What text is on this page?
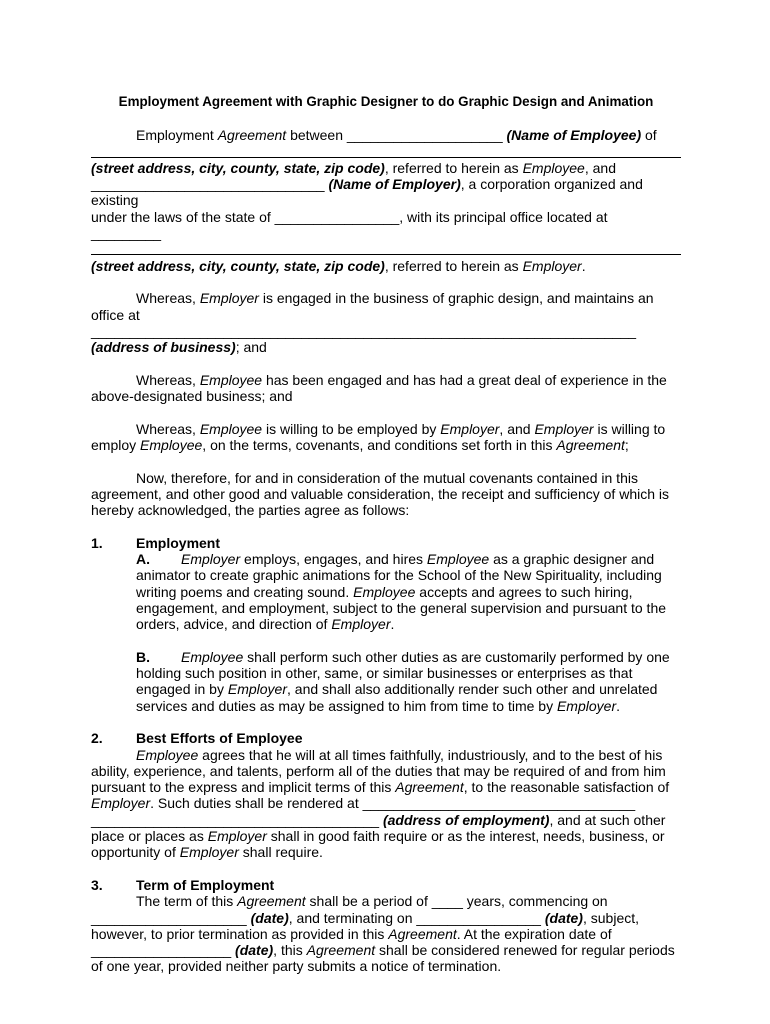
Employment Agreement with Graphic Designer to do Graphic Design and Animation

Employment Agreement between ____________________ (Name of Employee) of

(street address, city, county, state, zip code), referred to herein as Employee, and

______________________________ (Name of Employer), a corporation organized and existing

under the laws of the state of ________________, with its principal office located at _________

(street address, city, county, state, zip code), referred to herein as Employer.

Whereas, Employer is engaged in the business of graphic design, and maintains an

office at ______________________________________________________________________

(address of business); and

Whereas, Employee has been engaged and has had a great deal of experience in the above-designated business; and

Whereas, Employee is willing to be employed by Employer, and Employer is willing to

employ Employee, on the terms, covenants, and conditions set forth in this Agreement;

Now, therefore, for and in consideration of the mutual covenants contained in this agreement, and other good and valuable consideration, the receipt and sufficiency of which is hereby acknowledged, the parties agree as follows:

1. Employment

A. Employer employs, engages, and hires Employee as a graphic designer and animator to create graphic animations for the School of the New Spirituality, including writing poems and creating sound. Employee accepts and agrees to such hiring, engagement, and employment, subject to the general supervision and pursuant to the orders, advice, and direction of Employer.

B. Employee shall perform such other duties as are customarily performed by one holding such position in other, same, or similar businesses or enterprises as that engaged in by Employer, and shall also additionally render such other and unrelated services and duties as may be assigned to him from time to time by Employer.

2. Best Efforts of Employee

Employee agrees that he will at all times faithfully, industriously, and to the best of his ability, experience, and talents, perform all of the duties that may be required of and from him pursuant to the express and implicit terms of this Agreement, to the reasonable satisfaction of Employer. Such duties shall be rendered at ___________________________________ _____________________________________ (address of employment), and at such other place or places as Employer shall in good faith require or as the interest, needs, business, or opportunity of Employer shall require.

3. Term of Employment

The term of this Agreement shall be a period of ____ years, commencing on

____________________ (date), and terminating on ________________ (date), subject,

however, to prior termination as provided in this Agreement. At the expiration date of

__________________ (date), this Agreement shall be considered renewed for regular periods of one year, provided neither party submits a notice of termination.
